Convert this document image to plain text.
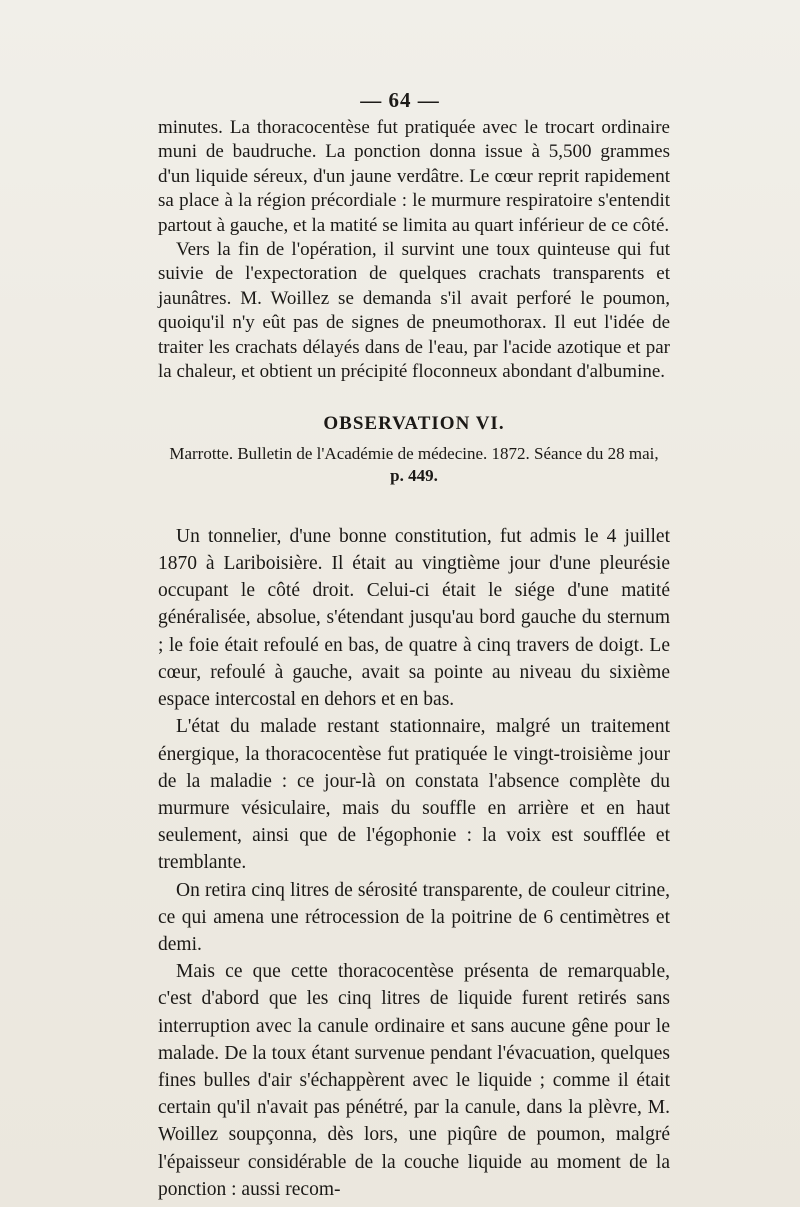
— 64 —

minutes. La thoracocentèse fut pratiquée avec le trocart ordinaire muni de baudruche. La ponction donna issue à 5,500 grammes d'un liquide séreux, d'un jaune verdâtre. Le cœur reprit rapidement sa place à la région précordiale : le murmure respiratoire s'entendit partout à gauche, et la matité se limita au quart inférieur de ce côté.

Vers la fin de l'opération, il survint une toux quinteuse qui fut suivie de l'expectoration de quelques crachats transparents et jaunâtres. M. Woillez se demanda s'il avait perforé le poumon, quoiqu'il n'y eût pas de signes de pneumothorax. Il eut l'idée de traiter les crachats délayés dans de l'eau, par l'acide azotique et par la chaleur, et obtient un précipité floconneux abondant d'albumine.

OBSERVATION VI.
Marrotte. Bulletin de l'Académie de médecine. 1872. Séance du 28 mai,
p. 449.

Un tonnelier, d'une bonne constitution, fut admis le 4 juillet 1870 à Lariboisière. Il était au vingtième jour d'une pleurésie occupant le côté droit. Celui-ci était le siége d'une matité généralisée, absolue, s'étendant jusqu'au bord gauche du sternum ; le foie était refoulé en bas, de quatre à cinq travers de doigt. Le cœur, refoulé à gauche, avait sa pointe au niveau du sixième espace intercostal en dehors et en bas.

L'état du malade restant stationnaire, malgré un traitement énergique, la thoracocentèse fut pratiquée le vingt-troisième jour de la maladie : ce jour-là on constata l'absence complète du murmure vésiculaire, mais du souffle en arrière et en haut seulement, ainsi que de l'égophonie : la voix est soufflée et tremblante.

On retira cinq litres de sérosité transparente, de couleur citrine, ce qui amena une rétrocession de la poitrine de 6 centimètres et demi.

Mais ce que cette thoracocentèse présenta de remarquable, c'est d'abord que les cinq litres de liquide furent retirés sans interruption avec la canule ordinaire et sans aucune gêne pour le malade. De la toux étant survenue pendant l'évacuation, quelques fines bulles d'air s'échappèrent avec le liquide ; comme il était certain qu'il n'avait pas pénétré, par la canule, dans la plèvre, M. Woillez soupçonna, dès lors, une piqûre de poumon, malgré l'épaisseur considérable de la couche liquide au moment de la ponction : aussi recom-
